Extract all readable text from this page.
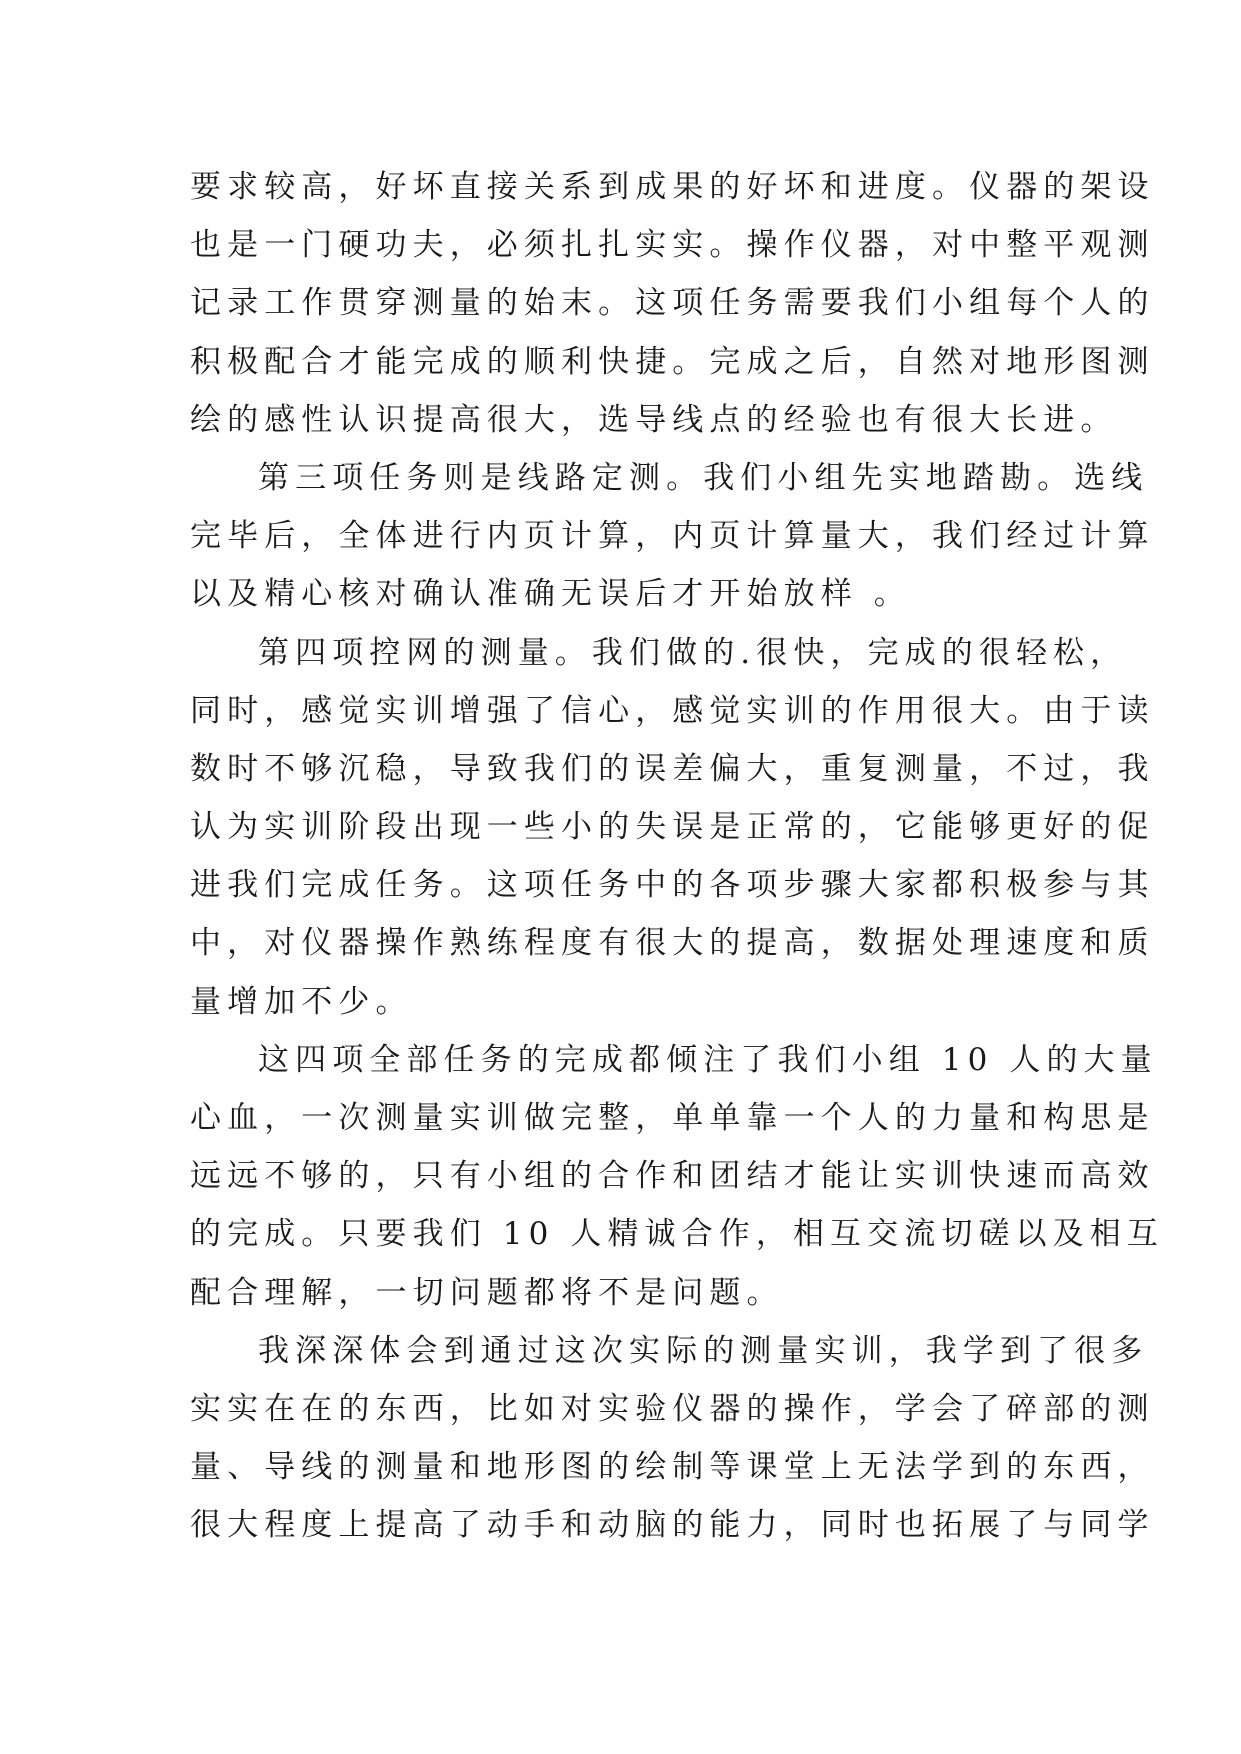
要求较高，好坏直接关系到成果的好坏和进度。仪器的架设
也是一门硬功夫，必须扎扎实实。操作仪器，对中整平观测
记录工作贯穿测量的始末。这项任务需要我们小组每个人的
积极配合才能完成的顺利快捷。完成之后，自然对地形图测
绘的感性认识提高很大，选导线点的经验也有很大长进。
第三项任务则是线路定测。我们小组先实地踏勘。选线
完毕后，全体进行内页计算，内页计算量大，我们经过计算
以及精心核对确认准确无误后才开始放样 。
第四项控网的测量。我们做的.很快，完成的很轻松，
同时，感觉实训增强了信心，感觉实训的作用很大。由于读
数时不够沉稳，导致我们的误差偏大，重复测量，不过，我
认为实训阶段出现一些小的失误是正常的，它能够更好的促
进我们完成任务。这项任务中的各项步骤大家都积极参与其
中，对仪器操作熟练程度有很大的提高，数据处理速度和质
量增加不少。
这四项全部任务的完成都倾注了我们小组 10 人的大量
心血，一次测量实训做完整，单单靠一个人的力量和构思是
远远不够的，只有小组的合作和团结才能让实训快速而高效
的完成。只要我们 10 人精诚合作，相互交流切磋以及相互
配合理解，一切问题都将不是问题。
我深深体会到通过这次实际的测量实训，我学到了很多
实实在在的东西，比如对实验仪器的操作，学会了碎部的测
量、导线的测量和地形图的绘制等课堂上无法学到的东西，
很大程度上提高了动手和动脑的能力，同时也拓展了与同学
